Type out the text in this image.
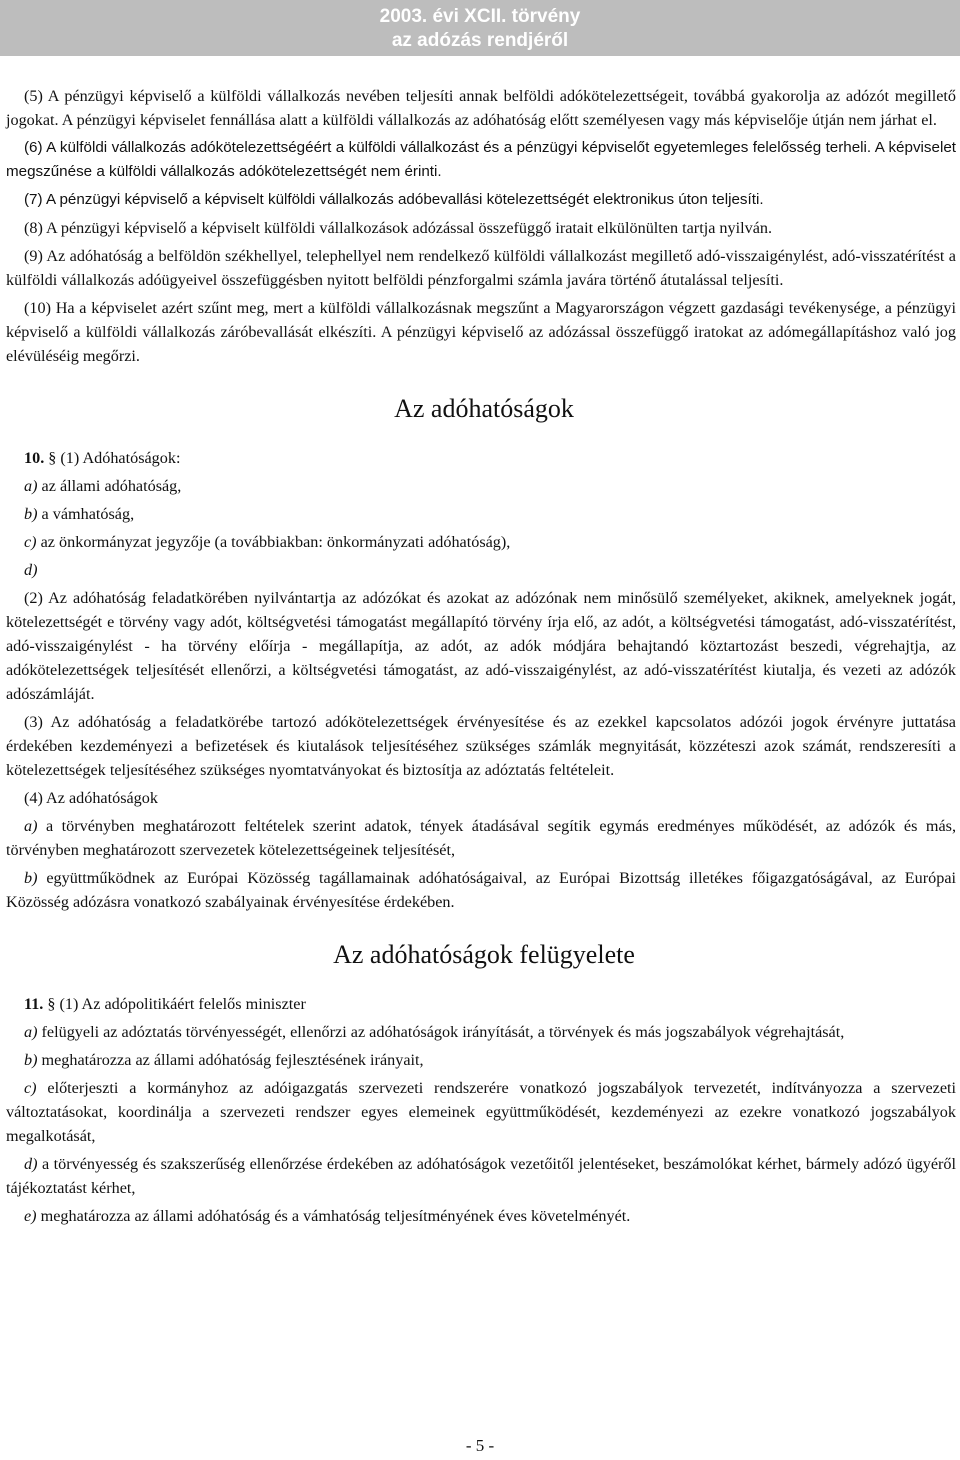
2003. évi XCII. törvény
az adózás rendjéről

(5) A pénzügyi képviselő a külföldi vállalkozás nevében teljesíti annak belföldi adókötelezettségeit, továbbá gyakorolja az adózót megillető jogokat. A pénzügyi képviselet fennállása alatt a külföldi vállalkozás az adóhatóság előtt személyesen vagy más képviselője útján nem járhat el.

(6) A külföldi vállalkozás adókötelezettségéért a külföldi vállalkozást és a pénzügyi képviselőt egyetemleges felelősség terheli. A képviselet megszűnése a külföldi vállalkozás adókötelezettségét nem érinti.

(7) A pénzügyi képviselő a képviselt külföldi vállalkozás adóbevallási kötelezettségét elektronikus úton teljesíti.

(8) A pénzügyi képviselő a képviselt külföldi vállalkozások adózással összefüggő iratait elkülönülten tartja nyilván.

(9) Az adóhatóság a belföldön székhellyel, telephellyel nem rendelkező külföldi vállalkozást megillető adó-visszaigénylést, adó-visszatérítést a külföldi vállalkozás adóügyeivel összefüggésben nyitott belföldi pénzforgalmi számla javára történő átutalással teljesíti.

(10) Ha a képviselet azért szűnt meg, mert a külföldi vállalkozásnak megszűnt a Magyarországon végzett gazdasági tevékenysége, a pénzügyi képviselő a külföldi vállalkozás záróbevallását elkészíti. A pénzügyi képviselő az adózással összefüggő iratokat az adómegállapításhoz való jog elévüléséig megőrzi.

Az adóhatóságok

10. § (1) Adóhatóságok:

a) az állami adóhatóság,

b) a vámhatóság,

c) az önkormányzat jegyzője (a továbbiakban: önkormányzati adóhatóság),

d)

(2) Az adóhatóság feladatkörében nyilvántartja az adózókat és azokat az adózónak nem minősülő személyeket, akiknek, amelyeknek jogát, kötelezettségét e törvény vagy adót, költségvetési támogatást megállapító törvény írja elő, az adót, a költségvetési támogatást, adó-visszatérítést, adó-visszaigénylést - ha törvény előírja - megállapítja, az adót, az adók módjára behajtandó köztartozást beszedi, végrehajtja, az adókötelezettségek teljesítését ellenőrzi, a költségvetési támogatást, az adó-visszaigénylést, az adó-visszatérítést kiutalja, és vezeti az adózók adószámláját.

(3) Az adóhatóság a feladatkörébe tartozó adókötelezettségek érvényesítése és az ezekkel kapcsolatos adózói jogok érvényre juttatása érdekében kezdeményezi a befizetések és kiutalások teljesítéséhez szükséges számlák megnyitását, közzéteszi azok számát, rendszeresíti a kötelezettségek teljesítéséhez szükséges nyomtatványokat és biztosítja az adóztatás feltételeit.

(4) Az adóhatóságok

a) a törvényben meghatározott feltételek szerint adatok, tények átadásával segítik egymás eredményes működését, az adózók és más, törvényben meghatározott szervezetek kötelezettségeinek teljesítését,

b) együttműködnek az Európai Közösség tagállamainak adóhatóságaival, az Európai Bizottság illetékes főigazgatóságával, az Európai Közösség adózásra vonatkozó szabályainak érvényesítése érdekében.

Az adóhatóságok felügyelete

11. § (1) Az adópolitikáért felelős miniszter

a) felügyeli az adóztatás törvényességét, ellenőrzi az adóhatóságok irányítását, a törvények és más jogszabályok végrehajtását,

b) meghatározza az állami adóhatóság fejlesztésének irányait,

c) előterjeszti a kormányhoz az adóigazgatás szervezeti rendszerére vonatkozó jogszabályok tervezetét, indítványozza a szervezeti változtatásokat, koordinálja a szervezeti rendszer egyes elemeinek együttműködését, kezdeményezi az ezekre vonatkozó jogszabályok megalkotását,

d) a törvényesség és szakszerűség ellenőrzése érdekében az adóhatóságok vezetőitől jelentéseket, beszámolókat kérhet, bármely adózó ügyéről tájékoztatást kérhet,

e) meghatározza az állami adóhatóság és a vámhatóság teljesítményének éves követelményét.

- 5 -
